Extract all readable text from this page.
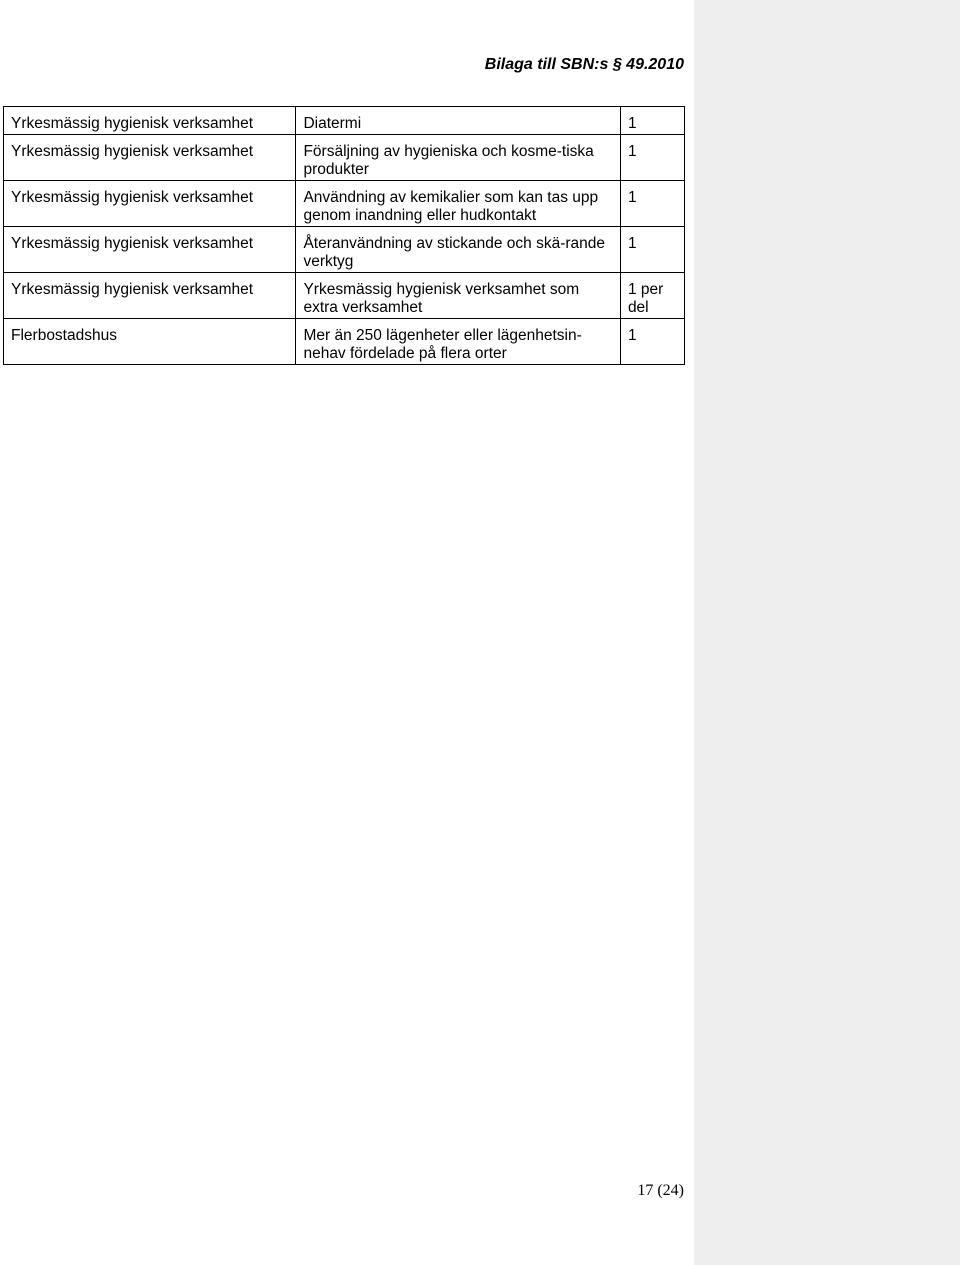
Bilaga till SBN:s § 49.2010
Yrkesmässig hygienisk verksamhet	Diatermi	1
Yrkesmässig hygienisk verksamhet	Försäljning av hygieniska och kosme-tiska produkter	1
Yrkesmässig hygienisk verksamhet	Användning av kemikalier som kan tas upp genom inandning eller hudkontakt	1
Yrkesmässig hygienisk verksamhet	Återanvändning av stickande och skä-rande verktyg	1
Yrkesmässig hygienisk verksamhet	Yrkesmässig hygienisk verksamhet som extra verksamhet	1 per del
Flerbostadshus	Mer än 250 lägenheter eller lägenhetsin-nehav fördelade på flera orter	1
17 (24)
